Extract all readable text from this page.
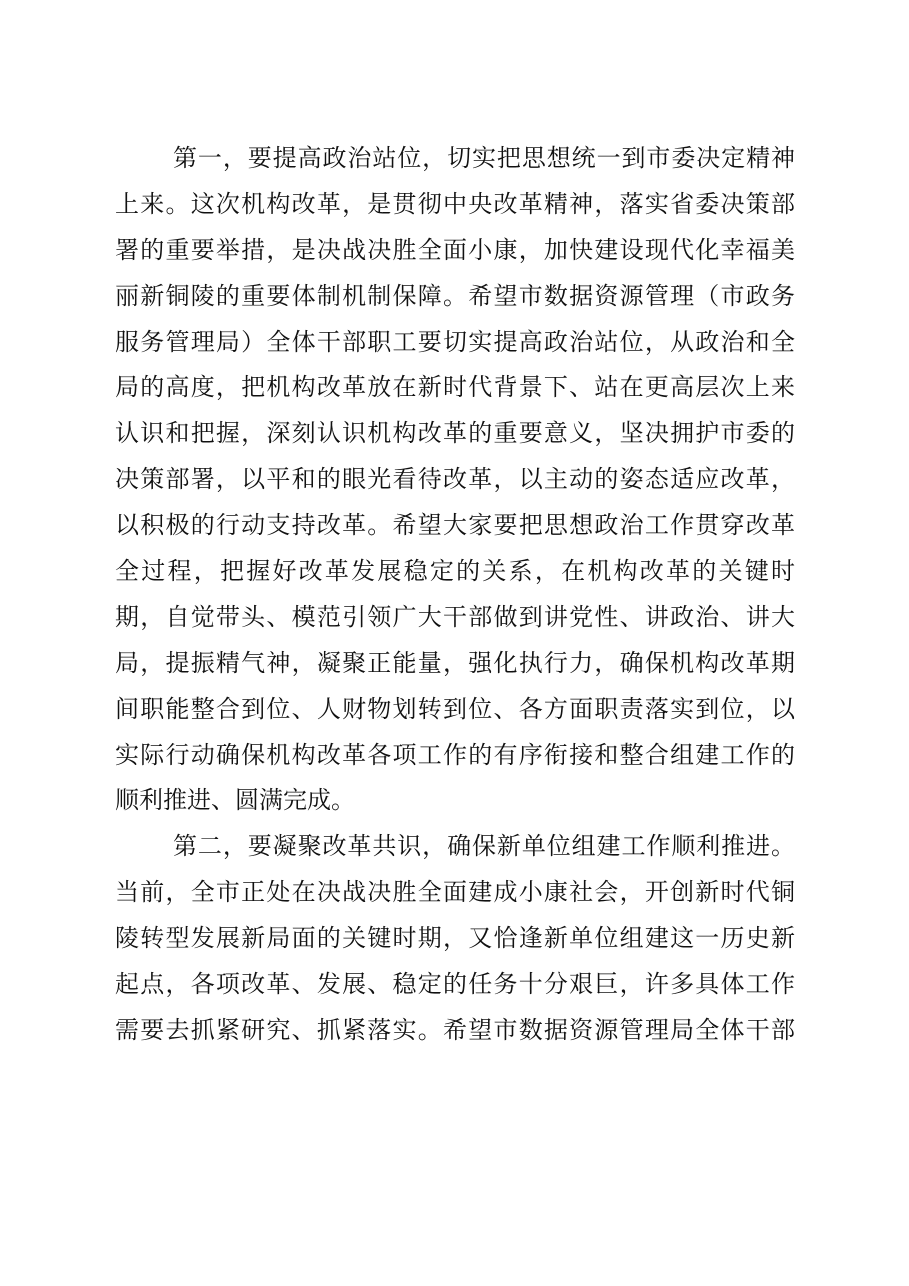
第一，要提高政治站位，切实把思想统一到市委决定精神
上来。这次机构改革，是贯彻中央改革精神，落实省委决策部
署的重要举措，是决战决胜全面小康，加快建设现代化幸福美
丽新铜陵的重要体制机制保障。希望市数据资源管理（市政务
服务管理局）全体干部职工要切实提高政治站位，从政治和全
局的高度，把机构改革放在新时代背景下、站在更高层次上来
认识和把握，深刻认识机构改革的重要意义，坚决拥护市委的
决策部署，以平和的眼光看待改革，以主动的姿态适应改革，
以积极的行动支持改革。希望大家要把思想政治工作贯穿改革
全过程，把握好改革发展稳定的关系，在机构改革的关键时
期，自觉带头、模范引领广大干部做到讲党性、讲政治、讲大
局，提振精气神，凝聚正能量，强化执行力，确保机构改革期
间职能整合到位、人财物划转到位、各方面职责落实到位，以
实际行动确保机构改革各项工作的有序衔接和整合组建工作的
顺利推进、圆满完成。
第二，要凝聚改革共识，确保新单位组建工作顺利推进。
当前，全市正处在决战决胜全面建成小康社会，开创新时代铜
陵转型发展新局面的关键时期，又恰逢新单位组建这一历史新
起点，各项改革、发展、稳定的任务十分艰巨，许多具体工作
需要去抓紧研究、抓紧落实。希望市数据资源管理局全体干部
